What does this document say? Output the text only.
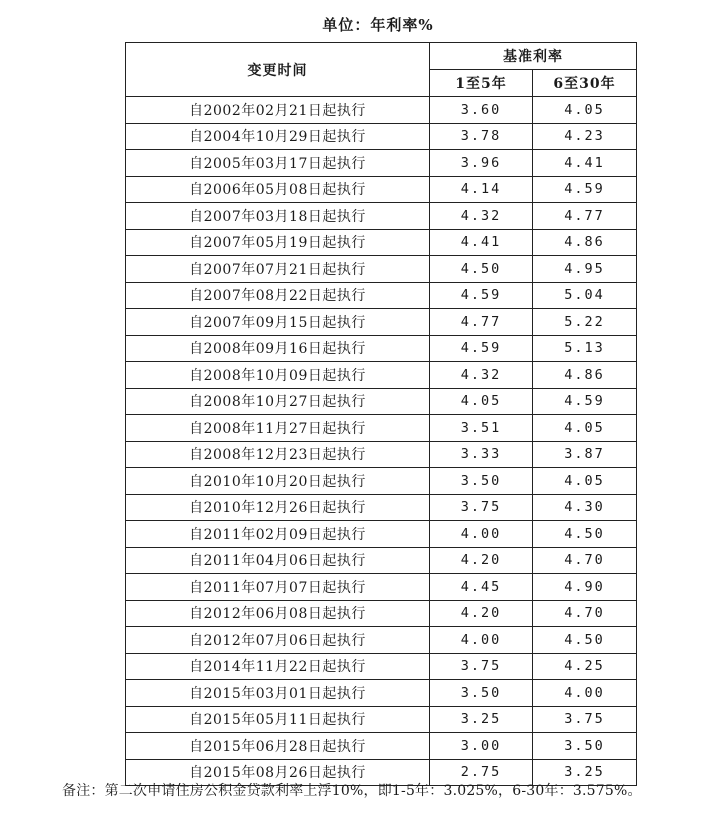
单位：年利率%
变更时间	基准利率	
	1至5年	6至30年
自2002年02月21日起执行	3.60	4.05
自2004年10月29日起执行	3.78	4.23
自2005年03月17日起执行	3.96	4.41
自2006年05月08日起执行	4.14	4.59
自2007年03月18日起执行	4.32	4.77
自2007年05月19日起执行	4.41	4.86
自2007年07月21日起执行	4.50	4.95
自2007年08月22日起执行	4.59	5.04
自2007年09月15日起执行	4.77	5.22
自2008年09月16日起执行	4.59	5.13
自2008年10月09日起执行	4.32	4.86
自2008年10月27日起执行	4.05	4.59
自2008年11月27日起执行	3.51	4.05
自2008年12月23日起执行	3.33	3.87
自2010年10月20日起执行	3.50	4.05
自2010年12月26日起执行	3.75	4.30
自2011年02月09日起执行	4.00	4.50
自2011年04月06日起执行	4.20	4.70
自2011年07月07日起执行	4.45	4.90
自2012年06月08日起执行	4.20	4.70
自2012年07月06日起执行	4.00	4.50
自2014年11月22日起执行	3.75	4.25
自2015年03月01日起执行	3.50	4.00
自2015年05月11日起执行	3.25	3.75
自2015年06月28日起执行	3.00	3.50
自2015年08月26日起执行	2.75	3.25
备注：第二次申请住房公积金贷款利率上浮10%，即1-5年：3.025%，6-30年：3.575%。
